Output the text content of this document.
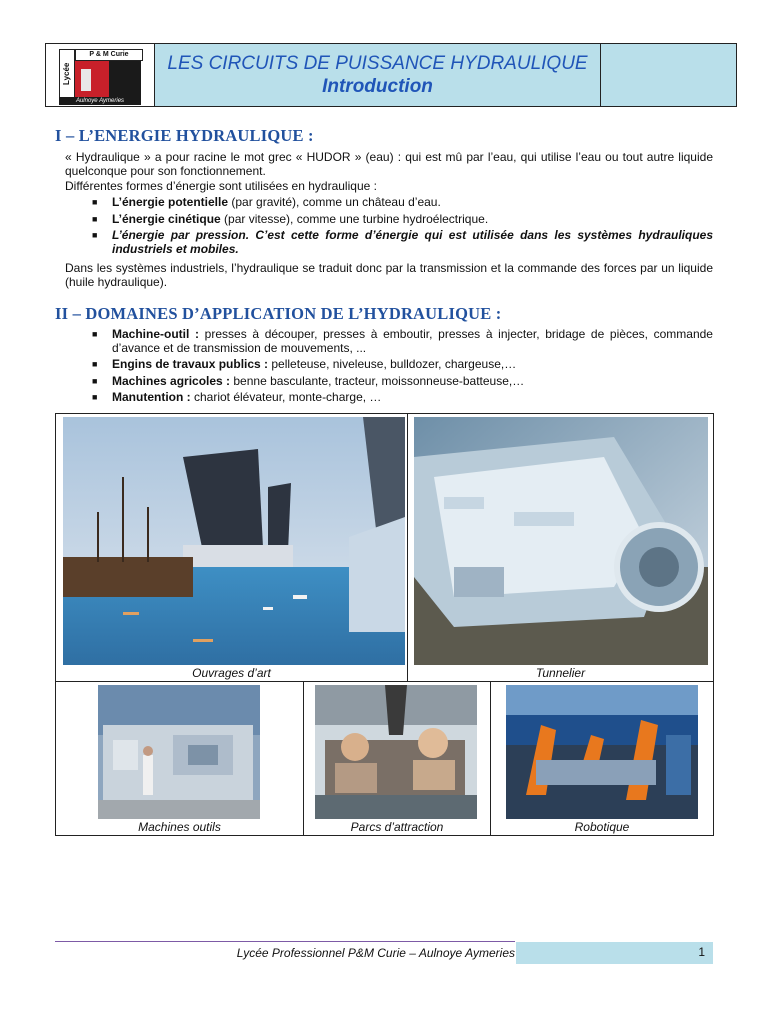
Lycée
P & M Curie
Aulnoye Aymeries
LES CIRCUITS DE PUISSANCE HYDRAULIQUE
Introduction
I – L’ENERGIE HYDRAULIQUE :

« Hydraulique » a pour racine le mot grec « HUDOR » (eau) : qui est mû par l’eau, qui utilise l’eau ou tout autre liquide quelconque pour son fonctionnement.

Différentes formes d’énergie sont utilisées en hydraulique :

■ L’énergie potentielle (par gravité), comme un château d’eau.
■ L’énergie cinétique (par vitesse), comme une turbine hydroélectrique.
■ L’énergie par pression. C’est cette forme d’énergie qui est utilisée dans les systèmes hydrauliques industriels et mobiles.

Dans les systèmes industriels, l’hydraulique se traduit donc par la transmission et la commande des forces par un liquide (huile hydraulique).

II – DOMAINES D’APPLICATION DE L’HYDRAULIQUE :
■ Machine-outil : presses à découper, presses à emboutir, presses à injecter, bridage de pièces, commande d’avance et de transmission de mouvements, ...
■ Engins de travaux publics : pelleteuse, niveleuse, bulldozer, chargeuse,…
■ Machines agricoles : benne basculante, tracteur, moissonneuse-batteuse,…
■ Manutention : chariot élévateur, monte-charge, …
Ouvrages d’art	Tunnelier
Machines outils	Parcs d’attraction	Robotique
Lycée Professionnel P&M Curie – Aulnoye Aymeries	1
